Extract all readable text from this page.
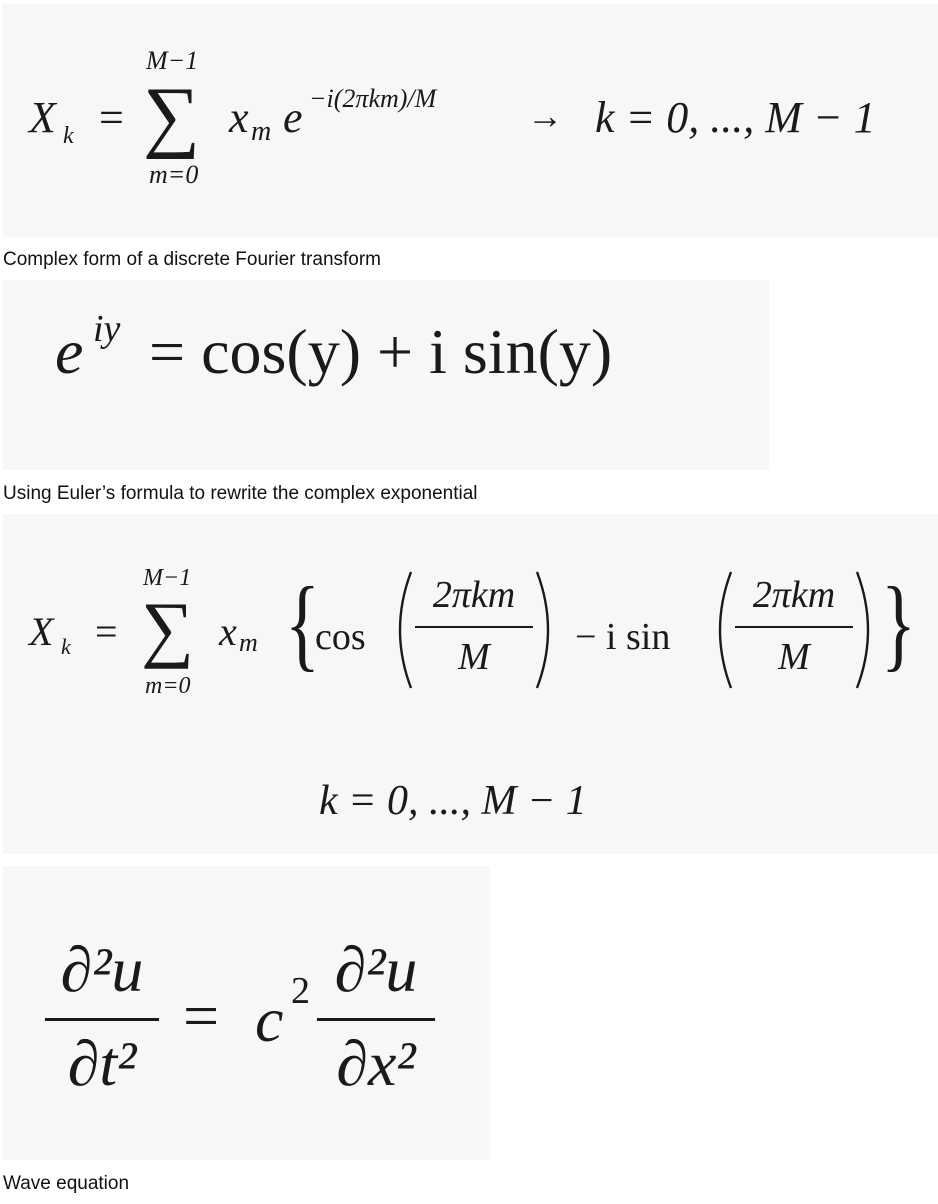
X k =
M−1
∑
m=0
x m e −i(2πkm)/M	→ k = 0, ..., M − 1
Complex form of a discrete Fourier transform
e iy = cos(y) + i sin(y)
Using Euler’s formula to rewrite the complex exponential
X k =
M−1
∑
m=0
x m {
cos
2πkm
M	− i sin
2πkm
M }
k = 0, ..., M − 1
∂²u
∂t²
= c 2 ∂²u
∂x²
Wave equation
